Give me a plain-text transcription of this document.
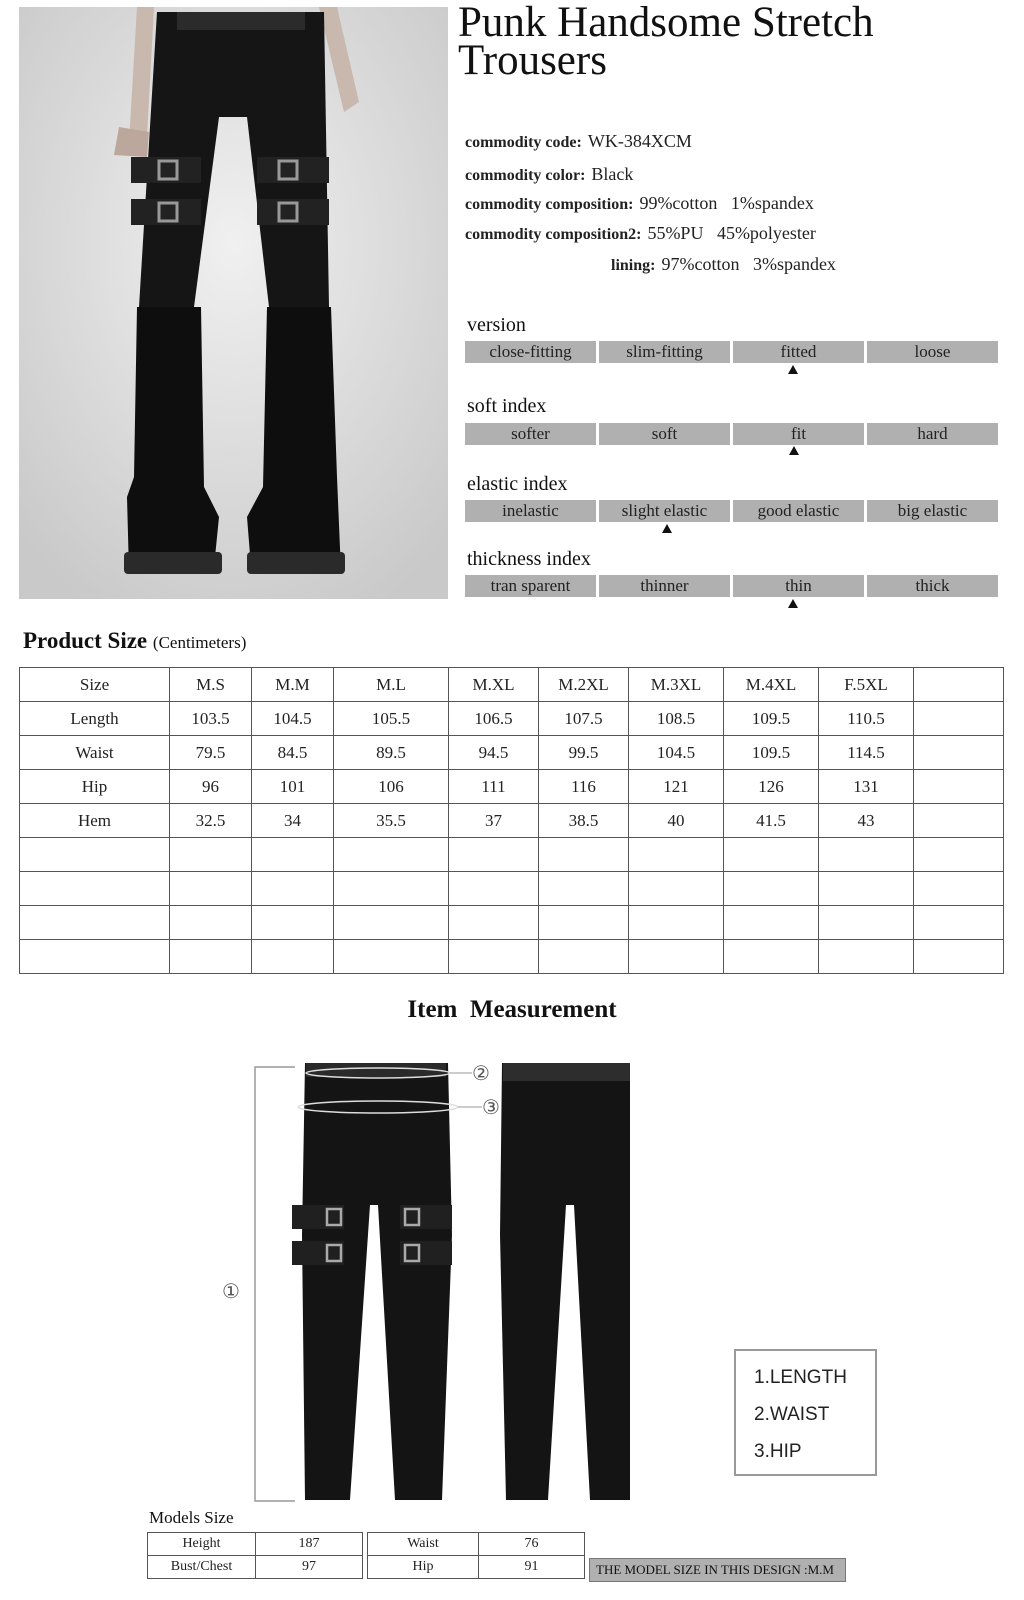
Punk Handsome Stretch
Trousers
commodity code: WK-384XCM
commodity color: Black
commodity composition: 99%cotton   1%spandex
commodity composition2: 55%PU   45%polyester
lining: 97%cotton   3%spandex
version
close-fitting	slim-fitting	fitted	loose
soft index
softer	soft	fit	hard
elastic index
inelastic	slight elastic	good elastic	big elastic
thickness index
tran sparent	thinner	thin	thick
Product Size (Centimeters)
Size	M.S	M.M	M.L	M.XL	M.2XL	M.3XL	M.4XL	F.5XL	
Length	103.5	104.5	105.5	106.5	107.5	108.5	109.5	110.5	
Waist	79.5	84.5	89.5	94.5	99.5	104.5	109.5	114.5	
Hip	96	101	106	111	116	121	126	131	
Hem	32.5	34	35.5	37	38.5	40	41.5	43	

Item  Measurement
①
②
③
1.LENGTH
2.WAIST
3.HIP
Models Size
Height	187
Bust/Chest	97
Waist	76
Hip	91	THE MODEL SIZE IN THIS DESIGN :M.M
